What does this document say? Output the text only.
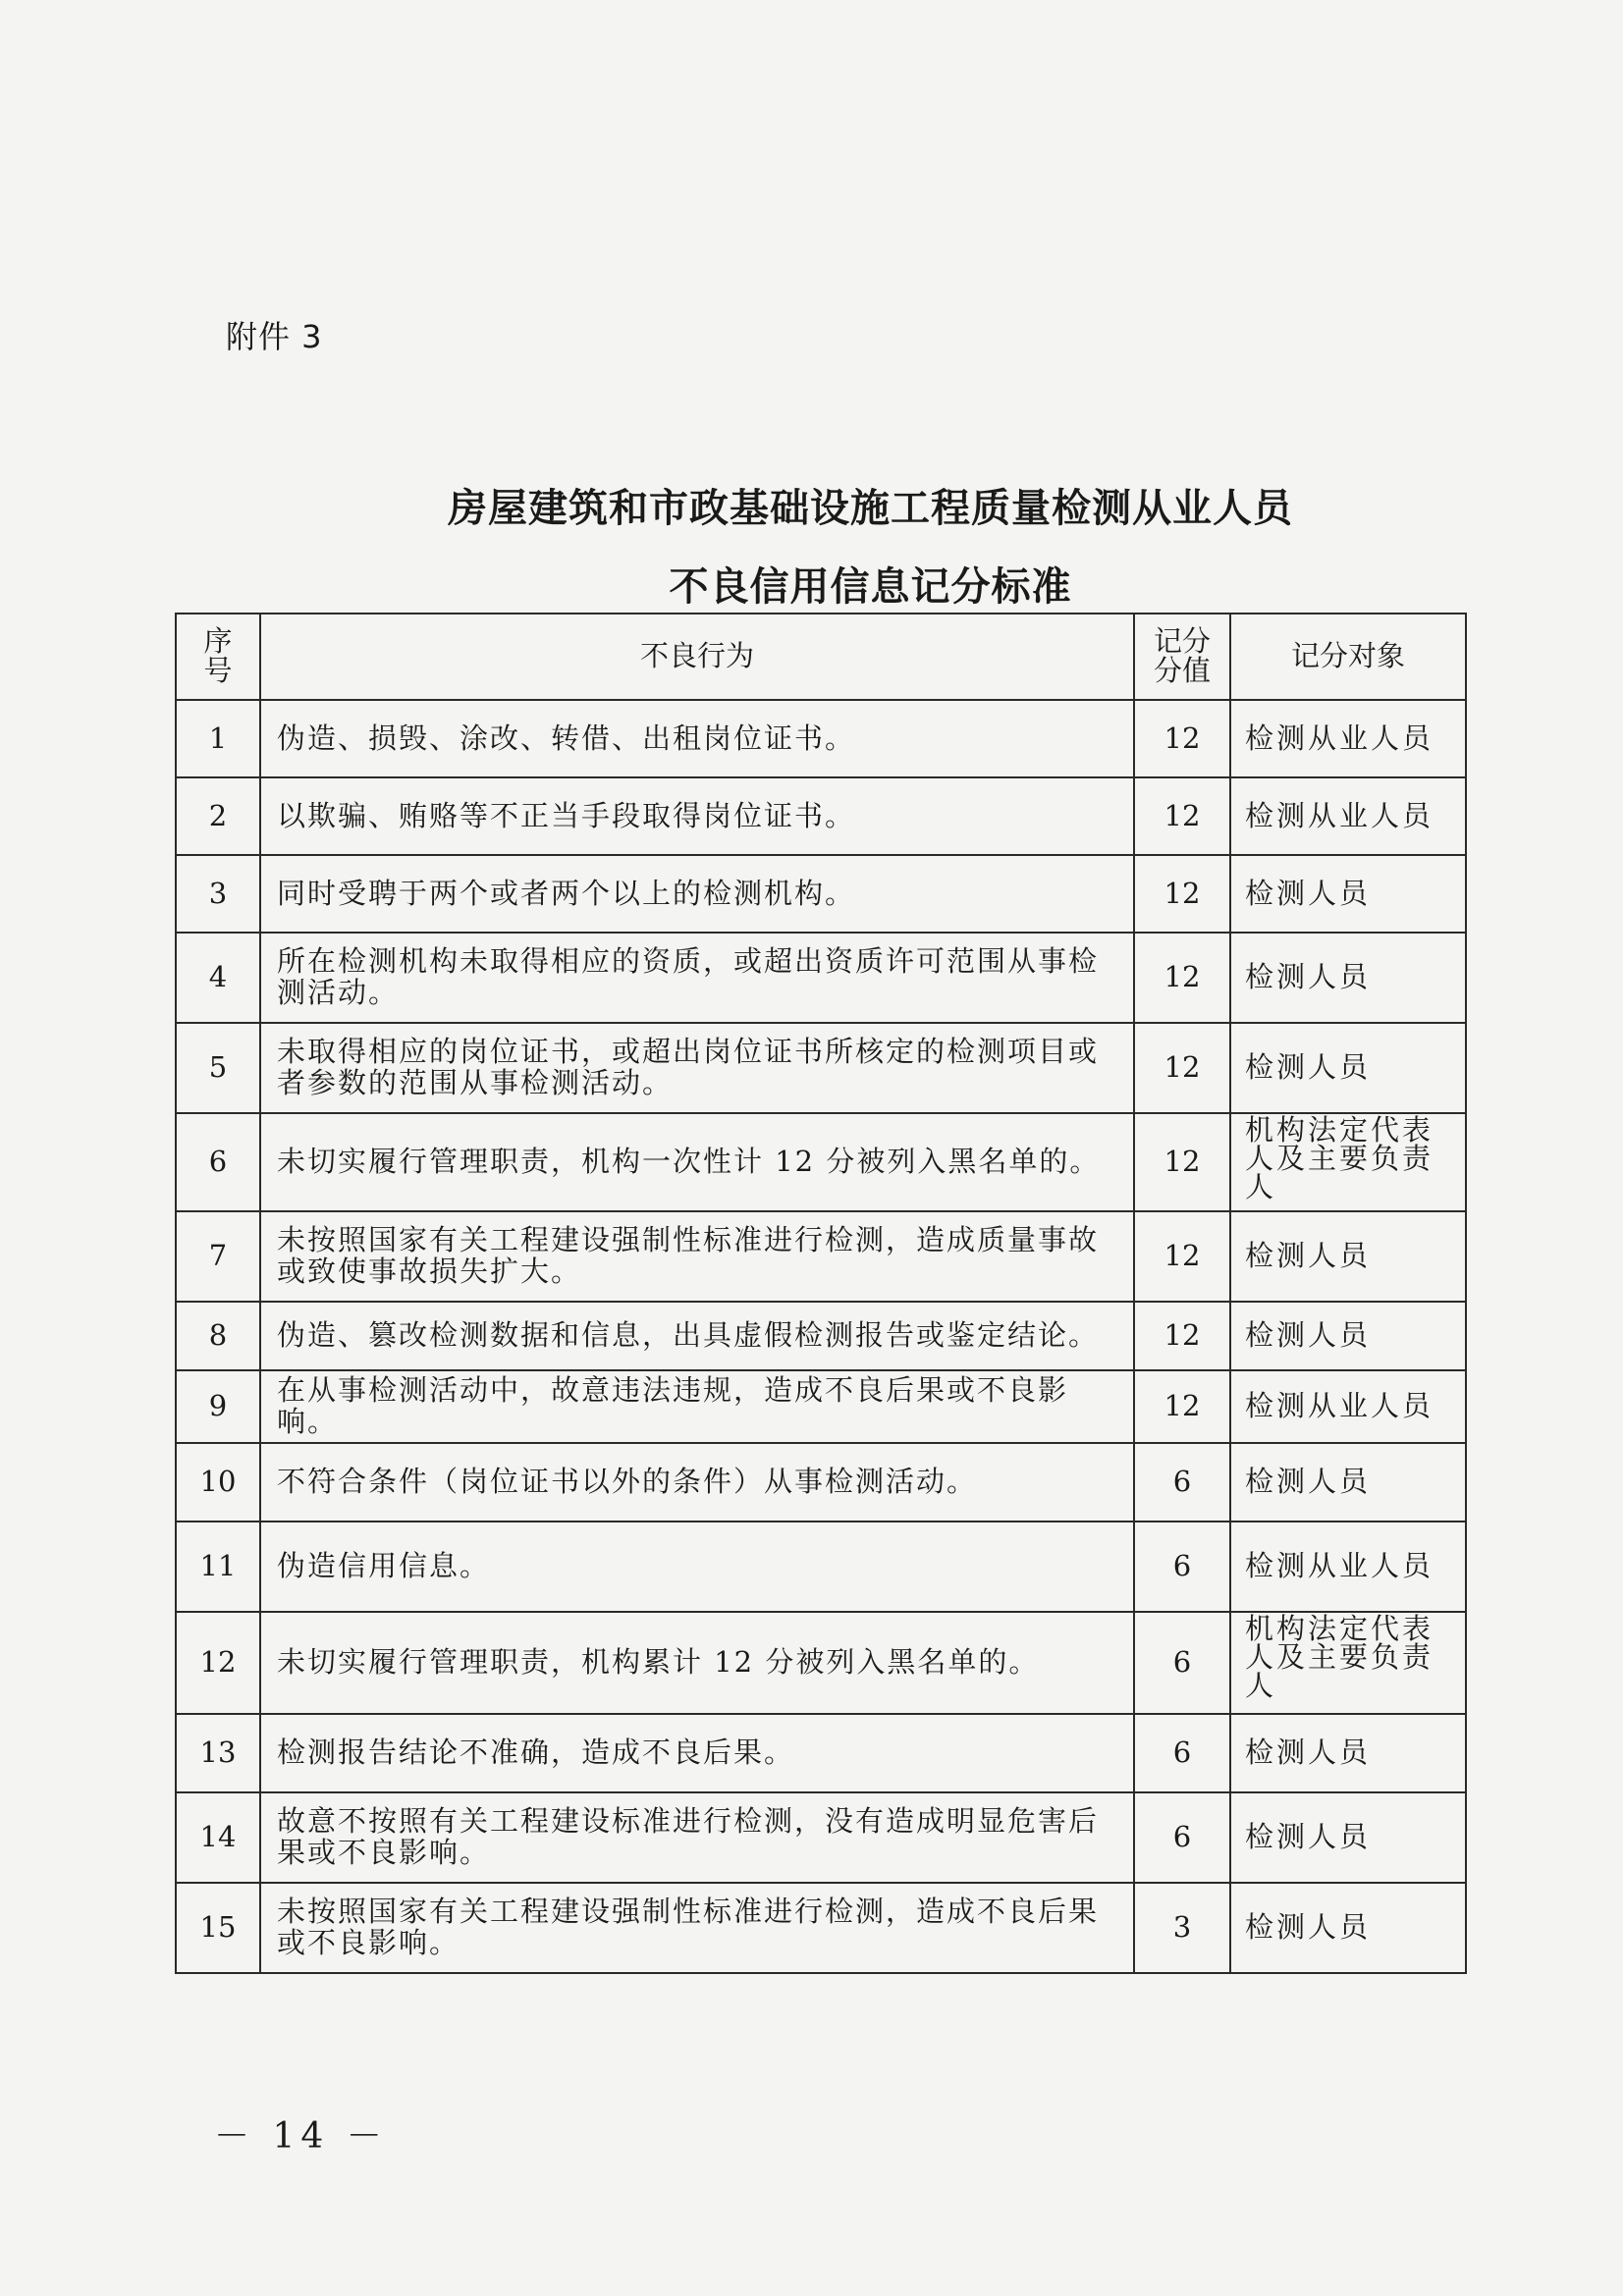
附件 3
房屋建筑和市政基础设施工程质量检测从业人员
不良信用信息记分标准
序号	不良行为	记分分值	记分对象
1	伪造、损毁、涂改、转借、出租岗位证书。	12	检测从业人员
2	以欺骗、贿赂等不正当手段取得岗位证书。	12	检测从业人员
3	同时受聘于两个或者两个以上的检测机构。	12	检测人员
4	所在检测机构未取得相应的资质，或超出资质许可范围从事检测活动。	12	检测人员
5	未取得相应的岗位证书，或超出岗位证书所核定的检测项目或者参数的范围从事检测活动。	12	检测人员
6	未切实履行管理职责，机构一次性计 12 分被列入黑名单的。	12	机构法定代表人及主要负责人
7	未按照国家有关工程建设强制性标准进行检测，造成质量事故或致使事故损失扩大。	12	检测人员
8	伪造、篡改检测数据和信息，出具虚假检测报告或鉴定结论。	12	检测人员
9	在从事检测活动中，故意违法违规，造成不良后果或不良影响。	12	检测从业人员
10	不符合条件（岗位证书以外的条件）从事检测活动。	6	检测人员
11	伪造信用信息。	6	检测从业人员
12	未切实履行管理职责，机构累计 12 分被列入黑名单的。	6	机构法定代表人及主要负责人
13	检测报告结论不准确，造成不良后果。	6	检测人员
14	故意不按照有关工程建设标准进行检测，没有造成明显危害后果或不良影响。	6	检测人员
15	未按照国家有关工程建设强制性标准进行检测，造成不良后果或不良影响。	3	检测人员
－ 14 －
